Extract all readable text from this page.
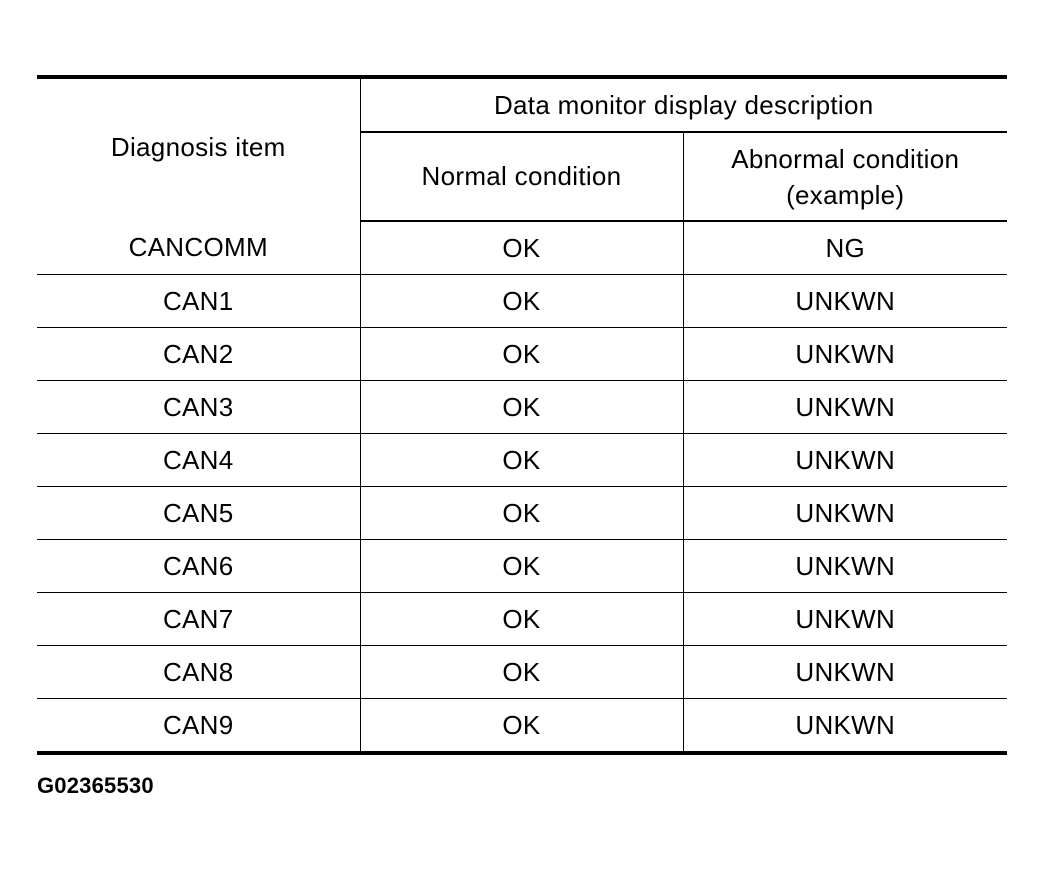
Diagnosis item	Data monitor display description	
	Normal condition	Abnormal condition
(example)
CANCOMM	OK	NG
CAN1	OK	UNKWN
CAN2	OK	UNKWN
CAN3	OK	UNKWN
CAN4	OK	UNKWN
CAN5	OK	UNKWN
CAN6	OK	UNKWN
CAN7	OK	UNKWN
CAN8	OK	UNKWN
CAN9	OK	UNKWN
G02365530
